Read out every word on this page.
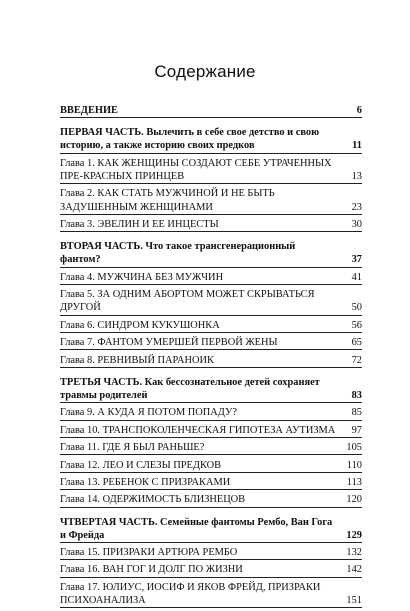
Содержание
ВВЕДЕНИЕ	6
ПЕРВАЯ ЧАСТЬ. Вылечить в себе свое детство и свою историю, а также историю своих предков	11
Глава 1. КАК ЖЕНЩИНЫ СОЗДАЮТ СЕБЕ УТРАЧЕННЫХ ПРЕ-КРАСНЫХ ПРИНЦЕВ	13
Глава 2. КАК СТАТЬ МУЖЧИНОЙ И НЕ БЫТЬ ЗАДУШЕННЫМ ЖЕНЩИНАМИ	23
Глава 3. ЭВЕЛИН И ЕЕ ИНЦЕСТЫ	30
ВТОРАЯ ЧАСТЬ. Что такое трансгенерационный фантом?	37
Глава 4. МУЖЧИНА БЕЗ МУЖЧИН	41
Глава 5. ЗА ОДНИМ АБОРТОМ МОЖЕТ СКРЫВАТЬСЯ ДРУГОЙ	50
Глава 6. СИНДРОМ КУКУШОНКА	56
Глава 7. ФАНТОМ УМЕРШЕЙ ПЕРВОЙ ЖЕНЫ	65
Глава 8. РЕВНИВЫЙ ПАРАНОИК	72
ТРЕТЬЯ ЧАСТЬ. Как бессознательное детей сохраняет травмы родителей	83
Глава 9. А КУДА Я ПОТОМ ПОПАДУ?	85
Глава 10. ТРАНСПОКОЛЕНЧЕСКАЯ ГИПОТЕЗА АУТИЗМА	97
Глава 11. ГДЕ Я БЫЛ РАНЬШЕ?	105
Глава 12. ЛЕО И СЛЕЗЫ ПРЕДКОВ	110
Глава 13. РЕБЕНОК С ПРИЗРАКАМИ	113
Глава 14. ОДЕРЖИМОСТЬ БЛИЗНЕЦОВ	120
ЧТВЕРТАЯ ЧАСТЬ. Семейные фантомы Рембо, Ван Гога и Фрейда	129
Глава 15. ПРИЗРАКИ АРТЮРА РЕМБО	132
Глава 16. ВАН ГОГ И ДОЛГ ПО ЖИЗНИ	142
Глава 17. ЮЛИУС, ИОСИФ И ЯКОВ ФРЕЙД, ПРИЗРАКИ ПСИХОАНАЛИЗА	151
